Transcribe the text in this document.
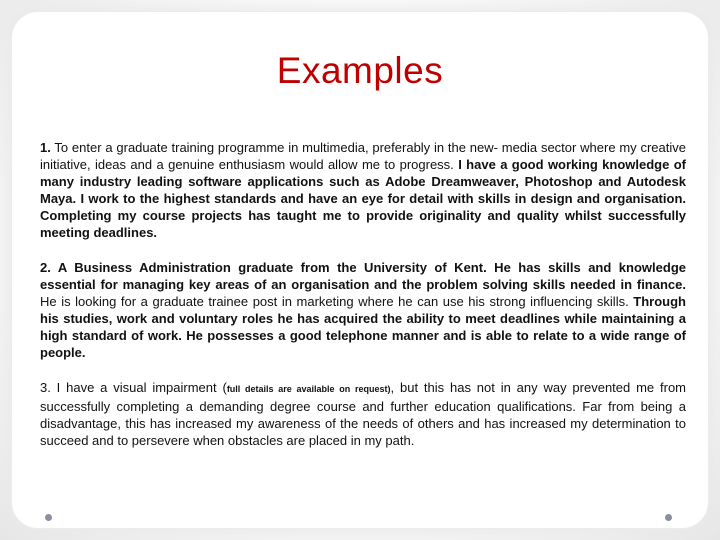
Examples

1. To enter a graduate training programme in multimedia, preferably in the new- media sector where my creative initiative, ideas and a genuine enthusiasm would allow me to progress. I have a good working knowledge of many industry leading software applications such as Adobe Dreamweaver, Photoshop and Autodesk Maya. I work to the highest standards and have an eye for detail with skills in design and organisation. Completing my course projects has taught me to provide originality and quality whilst successfully meeting deadlines.

2. A Business Administration graduate from the University of Kent. He has skills and knowledge essential for managing key areas of an organisation and the problem solving skills needed in finance. He is looking for a graduate trainee post in marketing where he can use his strong influencing skills. Through his studies, work and voluntary roles he has acquired the ability to meet deadlines while maintaining a high standard of work. He possesses a good telephone manner and is able to relate to a wide range of people.

3. I have a visual impairment (full details are available on request), but this has not in any way prevented me from successfully completing a demanding degree course and further education qualifications. Far from being a disadvantage, this has increased my awareness of the needs of others and has increased my determination to succeed and to persevere when obstacles are placed in my path.
